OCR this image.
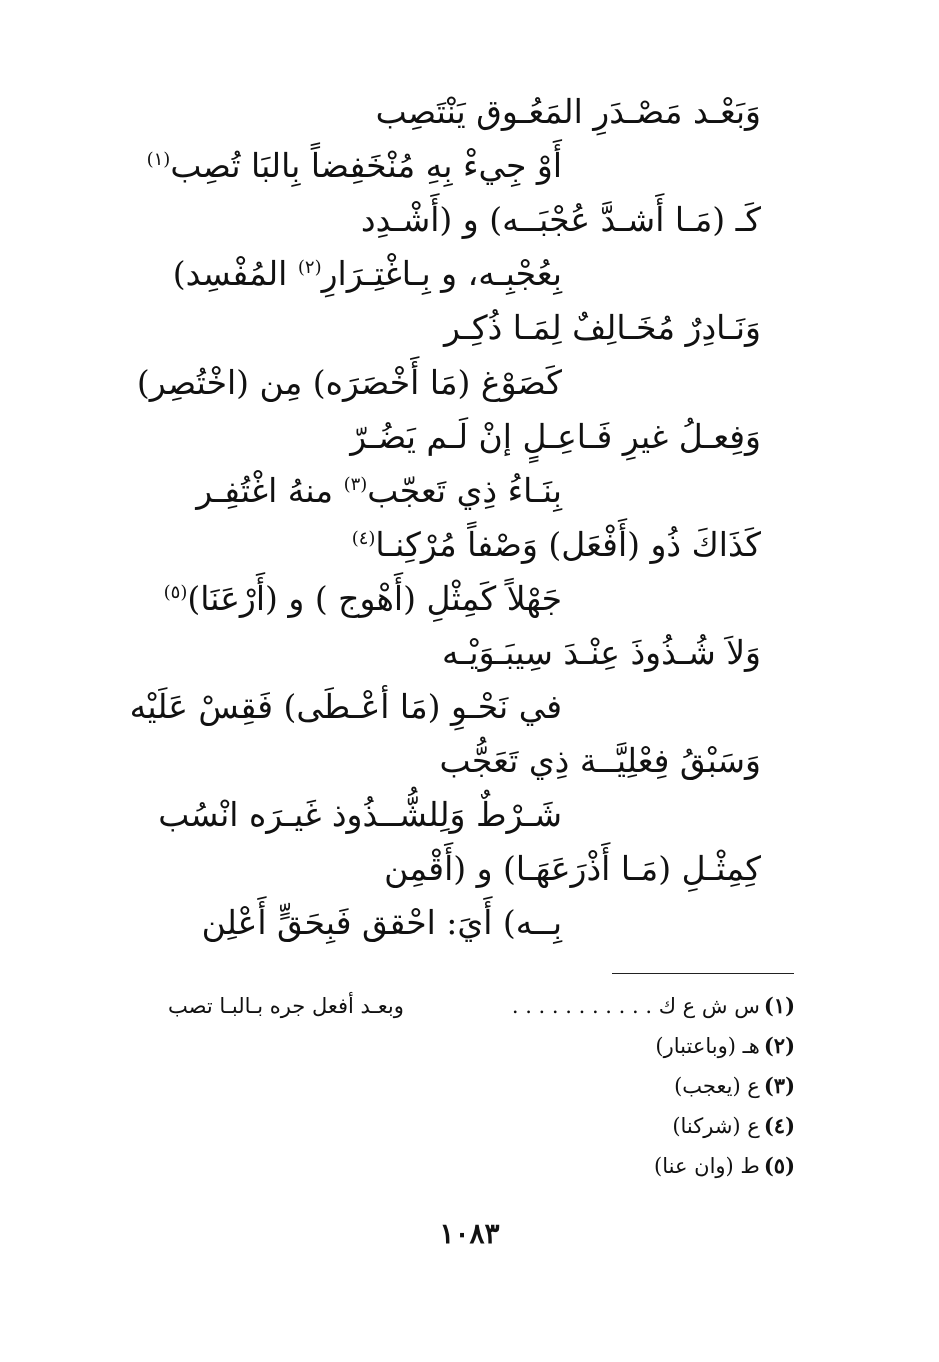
وَبَعْـد مَصْـدَرِ المَعُـوق يَنْتَصِب
أَوْ جِيءْ بِهِ مُنْخَفِضاً بِالبَا تُصِب$^{(١)}$
كَـ (مَـا أَشـدَّ عُجْبَــه) و (أَشْـدِد
بِعُجْبِـه، و بِـاغْتِـرَارِ$^{(٢)}$ المُفْسِد)
وَنَـادِرٌ مُخَـالِفٌ لِمَـا ذُكِـر
كَصَوْغ (مَا أَخْصَرَه) مِن (اخْتُصِر)
وَفِعـلُ غيرِ فَـاعِـلٍ إنْ لَـم يَضُـرّ
بِنَـاءُ ذِي تَعجّب$^{(٣)}$ منهُ اغْتُفِـر
كَذَاكَ ذُو (أَفْعَل) وَصْفاً مُرْكِنـا$^{(٤)}$
جَهْلاً كَمِثْلِ (أَهْوج ) و (أَرْعَنَا)$^{(٥)}$
وَلاَ شُـذُوذَ عِنْـدَ سِيبَـوَيْـه
في نَحْـوِ (مَا أعْـطَى) فَقِسْ عَلَيْه
وَسَبْقُ فِعْلِيَّــة ذِي تَعَجُّب
شَـرْطٌ وَلِلشُّــذُوذ غَيـرَه انْسُب
كِمِثْـلِ (مَـا أَذْرَعَهَـا) و (أَقْمِن
بِــه) أَيَ: احْقق فَبِحَقٍّ أَعْلِن
(١)س ش ع ك . . . . . . . . . . .
وبعـد أفعل جره بـالبـا تصب
(٢)هـ (وباعتبار)
(٣)ع (يعجب)
(٤)ع (شركنا)
(٥)ط (وان عنا)
١٠٨٣
